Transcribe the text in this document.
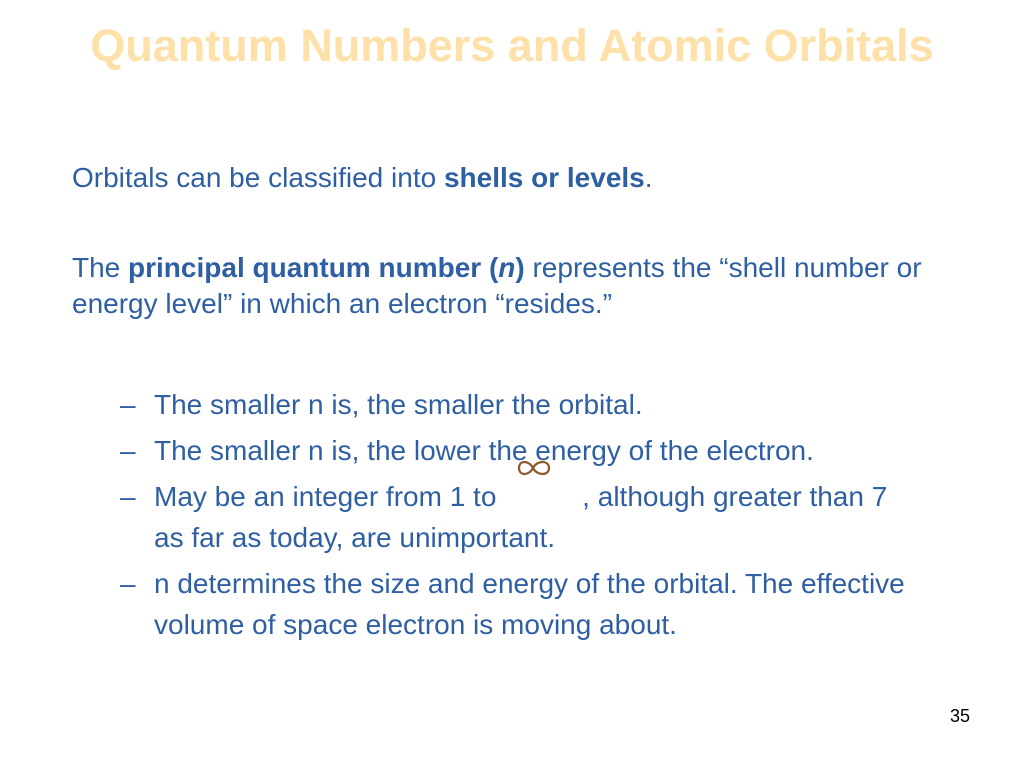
Quantum Numbers and Atomic Orbitals
Orbitals can be classified into shells or levels.
The principal quantum number (n) represents the “shell number or energy level” in which an electron “resides.”
– The smaller n is, the smaller the orbital.
– The smaller n is, the lower the energy of the electron.
– May be an integer from 1 to	, although greater than 7 as far as today, are unimportant.
– n determines the size and energy of the orbital. The effective volume of space electron is moving about.
35
